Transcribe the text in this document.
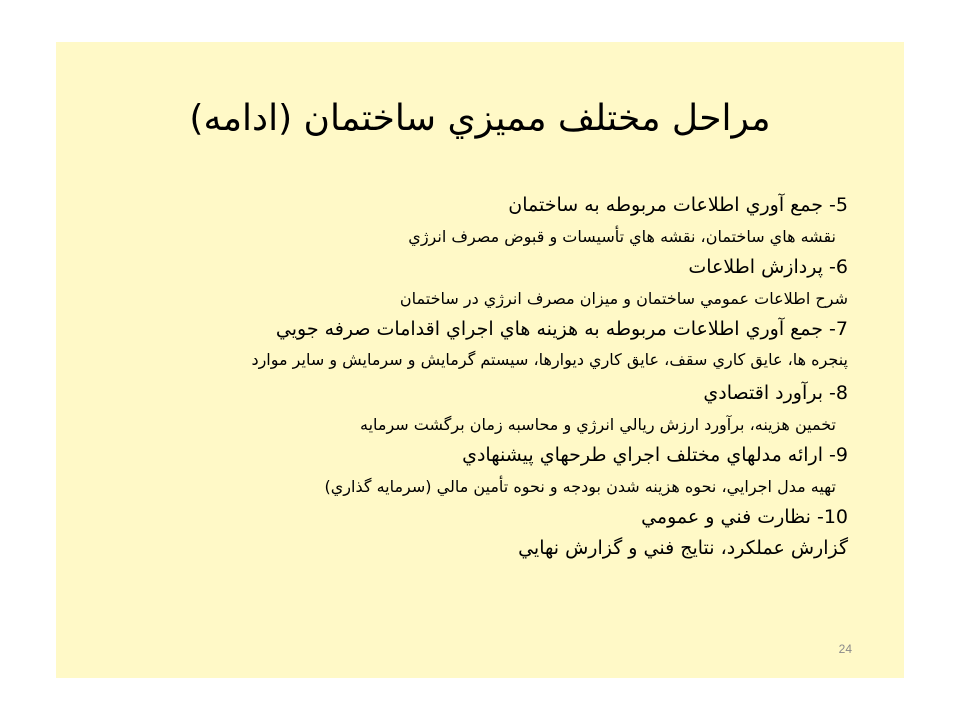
مراحل مختلف مميزي ساختمان (ادامه)
5- جمع آوري اطلاعات مربوطه به ساختمان
نقشه هاي ساختمان، نقشه هاي تأسيسات و قبوض مصرف انرژي
6- پردازش اطلاعات
شرح اطلاعات عمومي ساختمان و ميزان مصرف انرژي در ساختمان
7- جمع آوري اطلاعات مربوطه به هزينه هاي اجراي اقدامات صرفه جويي
پنجره ها، عايق كاري سقف، عايق كاري ديوارها، سيستم گرمايش و سرمايش و ساير موارد
8- برآورد اقتصادي
تخمين هزينه، برآورد ارزش ريالي انرژي و محاسبه زمان برگشت سرمايه
9- ارائه مدلهاي مختلف اجراي طرحهاي پيشنهادي
تهيه مدل اجرايي، نحوه هزينه شدن بودجه و نحوه تأمين مالي (سرمايه گذاري)
10- نظارت فني و عمومي
گزارش عملكرد، نتايج فني و گزارش نهايي
24
